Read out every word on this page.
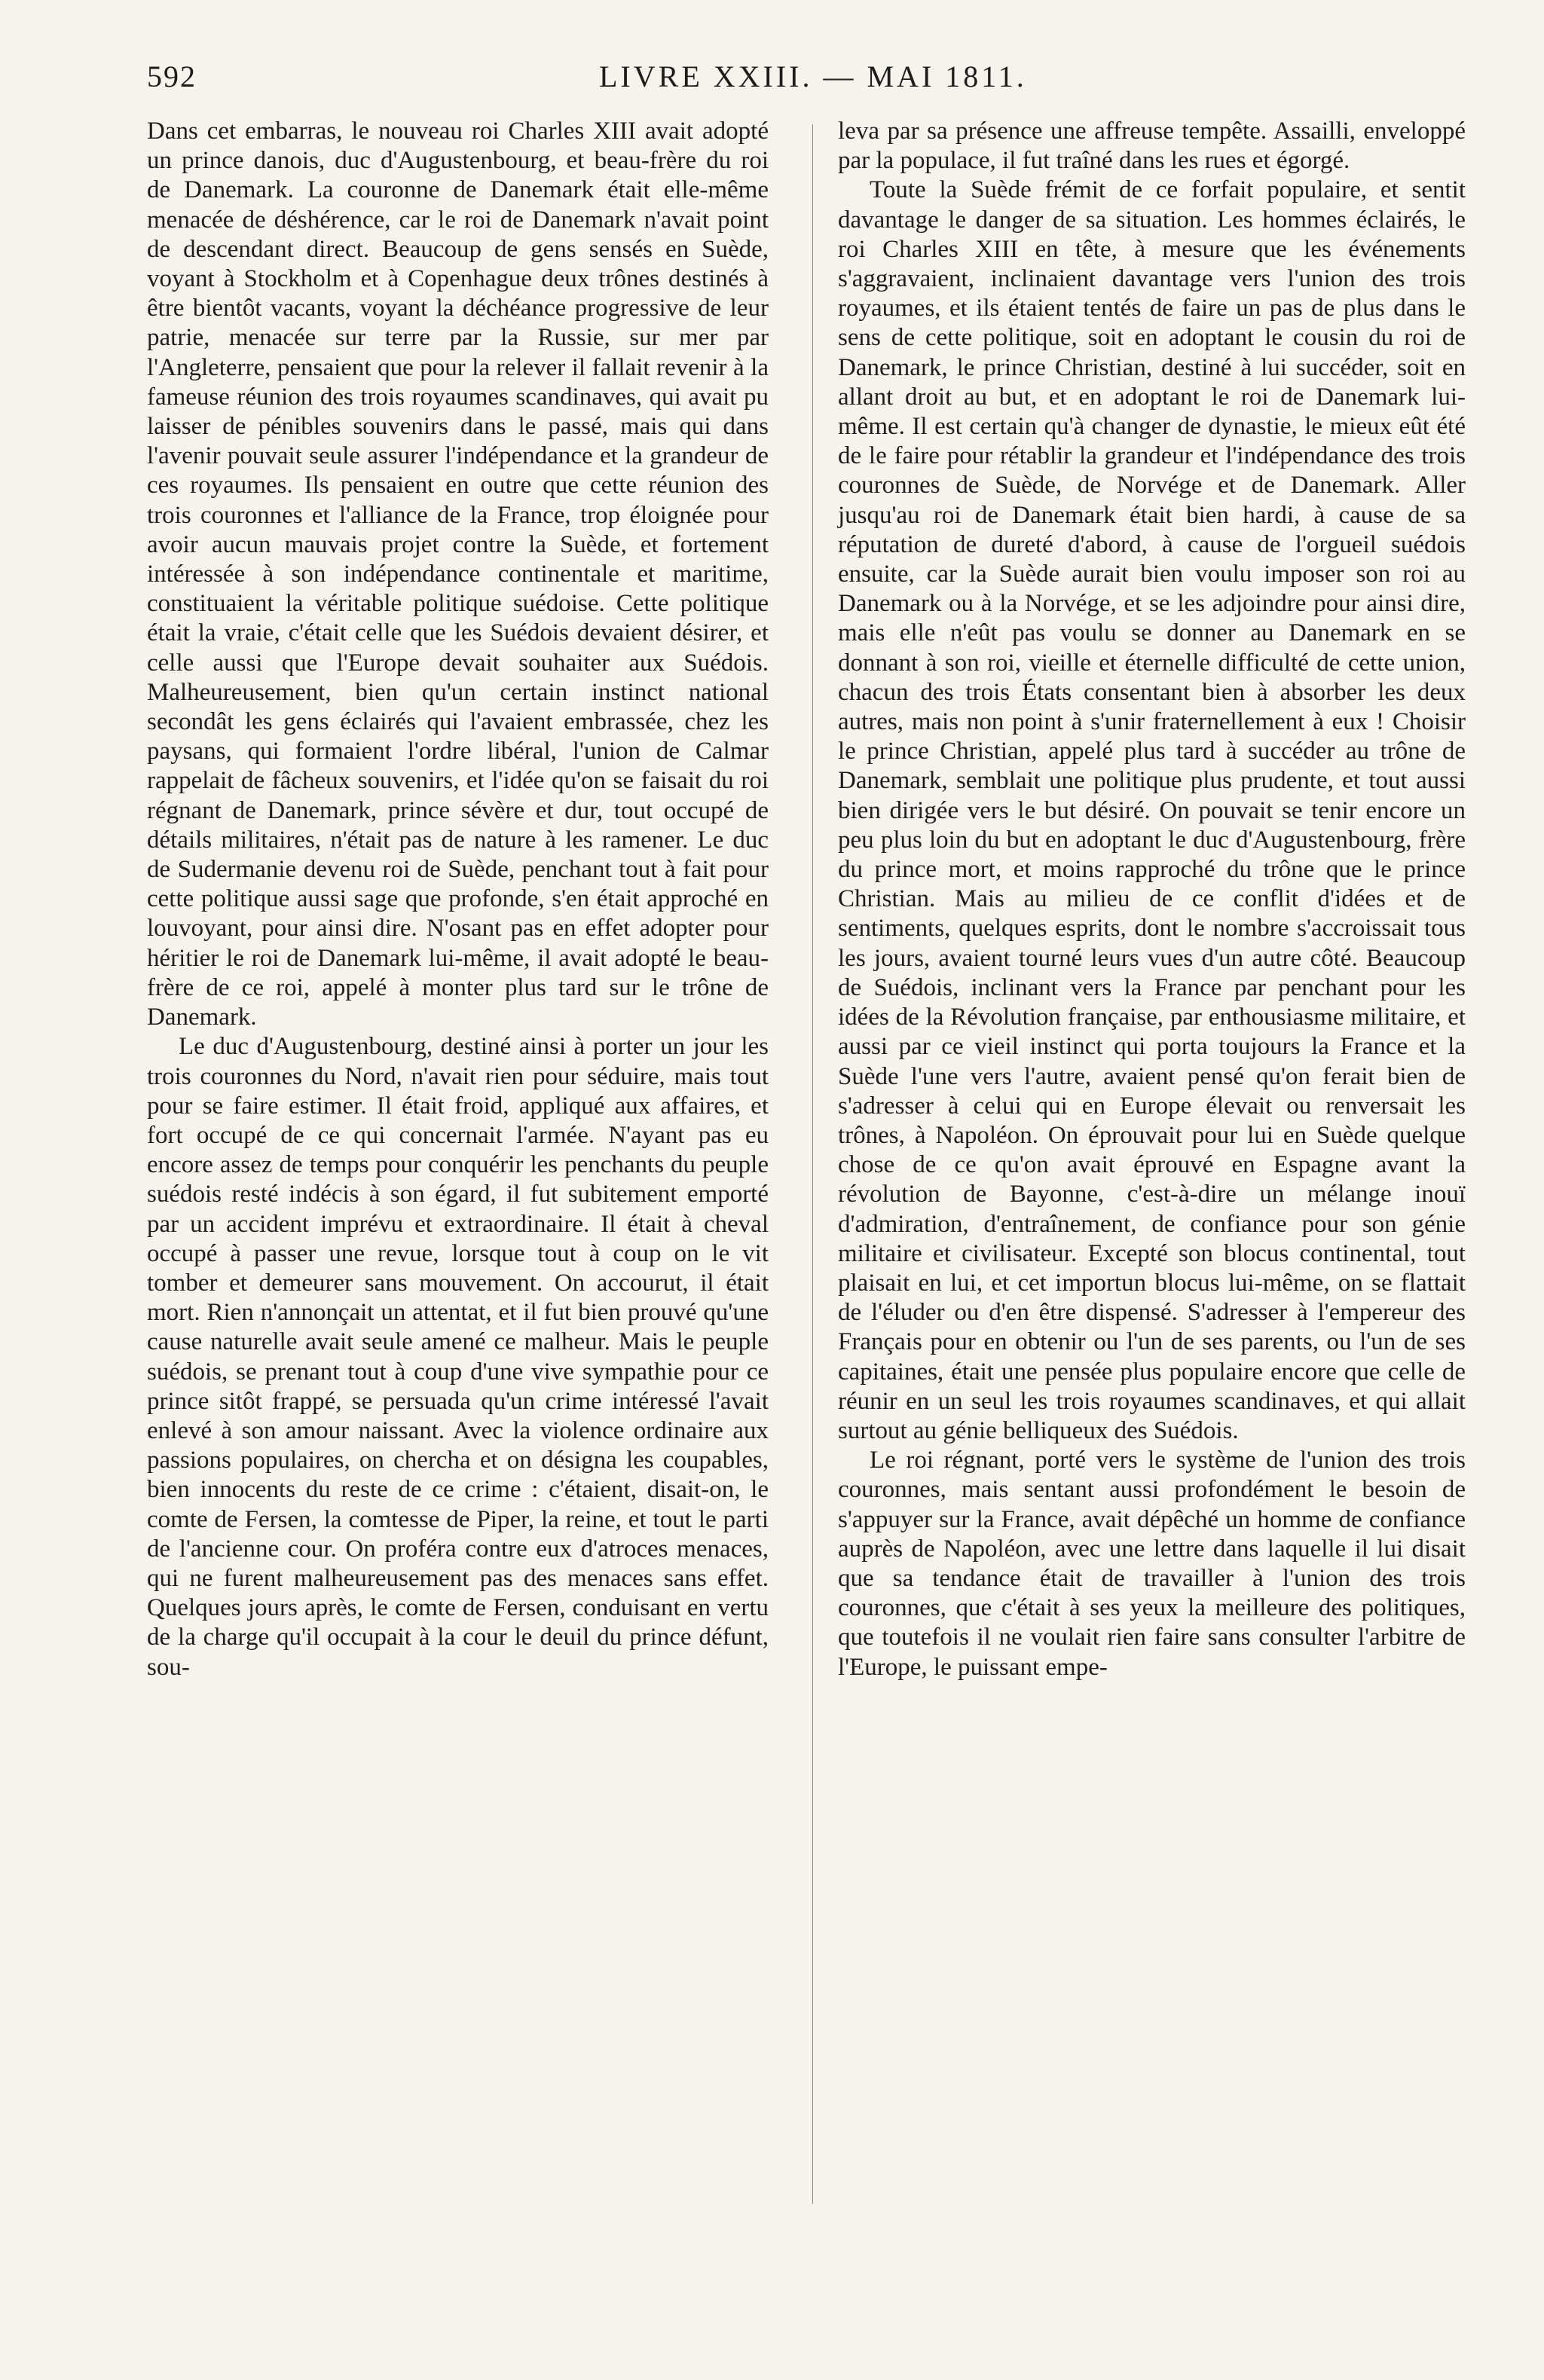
592	LIVRE XXIII. — MAI 1811.

Dans cet embarras, le nouveau roi Charles XIII avait adopté un prince danois, duc d'Augustenbourg, et beau-frère du roi de Danemark. La couronne de Danemark était elle-même menacée de déshérence, car le roi de Danemark n'avait point de descendant direct. Beaucoup de gens sensés en Suède, voyant à Stockholm et à Copenhague deux trônes destinés à être bientôt vacants, voyant la déchéance progressive de leur patrie, menacée sur terre par la Russie, sur mer par l'Angleterre, pensaient que pour la relever il fallait revenir à la fameuse réunion des trois royaumes scandinaves, qui avait pu laisser de pénibles souvenirs dans le passé, mais qui dans l'avenir pouvait seule assurer l'indépendance et la grandeur de ces royaumes. Ils pensaient en outre que cette réunion des trois couronnes et l'alliance de la France, trop éloignée pour avoir aucun mauvais projet contre la Suède, et fortement intéressée à son indépendance continentale et maritime, constituaient la véritable politique suédoise. Cette politique était la vraie, c'était celle que les Suédois devaient désirer, et celle aussi que l'Europe devait souhaiter aux Suédois. Malheureusement, bien qu'un certain instinct national secondât les gens éclairés qui l'avaient embrassée, chez les paysans, qui formaient l'ordre libéral, l'union de Calmar rappelait de fâcheux souvenirs, et l'idée qu'on se faisait du roi régnant de Danemark, prince sévère et dur, tout occupé de détails militaires, n'était pas de nature à les ramener. Le duc de Sudermanie devenu roi de Suède, penchant tout à fait pour cette politique aussi sage que profonde, s'en était approché en louvoyant, pour ainsi dire. N'osant pas en effet adopter pour héritier le roi de Danemark lui-même, il avait adopté le beau-frère de ce roi, appelé à monter plus tard sur le trône de Danemark.

Le duc d'Augustenbourg, destiné ainsi à porter un jour les trois couronnes du Nord, n'avait rien pour séduire, mais tout pour se faire estimer. Il était froid, appliqué aux affaires, et fort occupé de ce qui concernait l'armée. N'ayant pas eu encore assez de temps pour conquérir les penchants du peuple suédois resté indécis à son égard, il fut subitement emporté par un accident imprévu et extraordinaire. Il était à cheval occupé à passer une revue, lorsque tout à coup on le vit tomber et demeurer sans mouvement. On accourut, il était mort. Rien n'annonçait un attentat, et il fut bien prouvé qu'une cause naturelle avait seule amené ce malheur. Mais le peuple suédois, se prenant tout à coup d'une vive sympathie pour ce prince sitôt frappé, se persuada qu'un crime intéressé l'avait enlevé à son amour naissant. Avec la violence ordinaire aux passions populaires, on chercha et on désigna les coupables, bien innocents du reste de ce crime : c'étaient, disait-on, le comte de Fersen, la comtesse de Piper, la reine, et tout le parti de l'ancienne cour. On proféra contre eux d'atroces menaces, qui ne furent malheureusement pas des menaces sans effet. Quelques jours après, le comte de Fersen, conduisant en vertu de la charge qu'il occupait à la cour le deuil du prince défunt, sou-

leva par sa présence une affreuse tempête. Assailli, enveloppé par la populace, il fut traîné dans les rues et égorgé.

Toute la Suède frémit de ce forfait populaire, et sentit davantage le danger de sa situation. Les hommes éclairés, le roi Charles XIII en tête, à mesure que les événements s'aggravaient, inclinaient davantage vers l'union des trois royaumes, et ils étaient tentés de faire un pas de plus dans le sens de cette politique, soit en adoptant le cousin du roi de Danemark, le prince Christian, destiné à lui succéder, soit en allant droit au but, et en adoptant le roi de Danemark lui-même. Il est certain qu'à changer de dynastie, le mieux eût été de le faire pour rétablir la grandeur et l'indépendance des trois couronnes de Suède, de Norvége et de Danemark. Aller jusqu'au roi de Danemark était bien hardi, à cause de sa réputation de dureté d'abord, à cause de l'orgueil suédois ensuite, car la Suède aurait bien voulu imposer son roi au Danemark ou à la Norvége, et se les adjoindre pour ainsi dire, mais elle n'eût pas voulu se donner au Danemark en se donnant à son roi, vieille et éternelle difficulté de cette union, chacun des trois États consentant bien à absorber les deux autres, mais non point à s'unir fraternellement à eux ! Choisir le prince Christian, appelé plus tard à succéder au trône de Danemark, semblait une politique plus prudente, et tout aussi bien dirigée vers le but désiré. On pouvait se tenir encore un peu plus loin du but en adoptant le duc d'Augustenbourg, frère du prince mort, et moins rapproché du trône que le prince Christian. Mais au milieu de ce conflit d'idées et de sentiments, quelques esprits, dont le nombre s'accroissait tous les jours, avaient tourné leurs vues d'un autre côté. Beaucoup de Suédois, inclinant vers la France par penchant pour les idées de la Révolution française, par enthousiasme militaire, et aussi par ce vieil instinct qui porta toujours la France et la Suède l'une vers l'autre, avaient pensé qu'on ferait bien de s'adresser à celui qui en Europe élevait ou renversait les trônes, à Napoléon. On éprouvait pour lui en Suède quelque chose de ce qu'on avait éprouvé en Espagne avant la révolution de Bayonne, c'est-à-dire un mélange inouï d'admiration, d'entraînement, de confiance pour son génie militaire et civilisateur. Excepté son blocus continental, tout plaisait en lui, et cet importun blocus lui-même, on se flattait de l'éluder ou d'en être dispensé. S'adresser à l'empereur des Français pour en obtenir ou l'un de ses parents, ou l'un de ses capitaines, était une pensée plus populaire encore que celle de réunir en un seul les trois royaumes scandinaves, et qui allait surtout au génie belliqueux des Suédois.

Le roi régnant, porté vers le système de l'union des trois couronnes, mais sentant aussi profondément le besoin de s'appuyer sur la France, avait dépêché un homme de confiance auprès de Napoléon, avec une lettre dans laquelle il lui disait que sa tendance était de travailler à l'union des trois couronnes, que c'était à ses yeux la meilleure des politiques, que toutefois il ne voulait rien faire sans consulter l'arbitre de l'Europe, le puissant empe-
